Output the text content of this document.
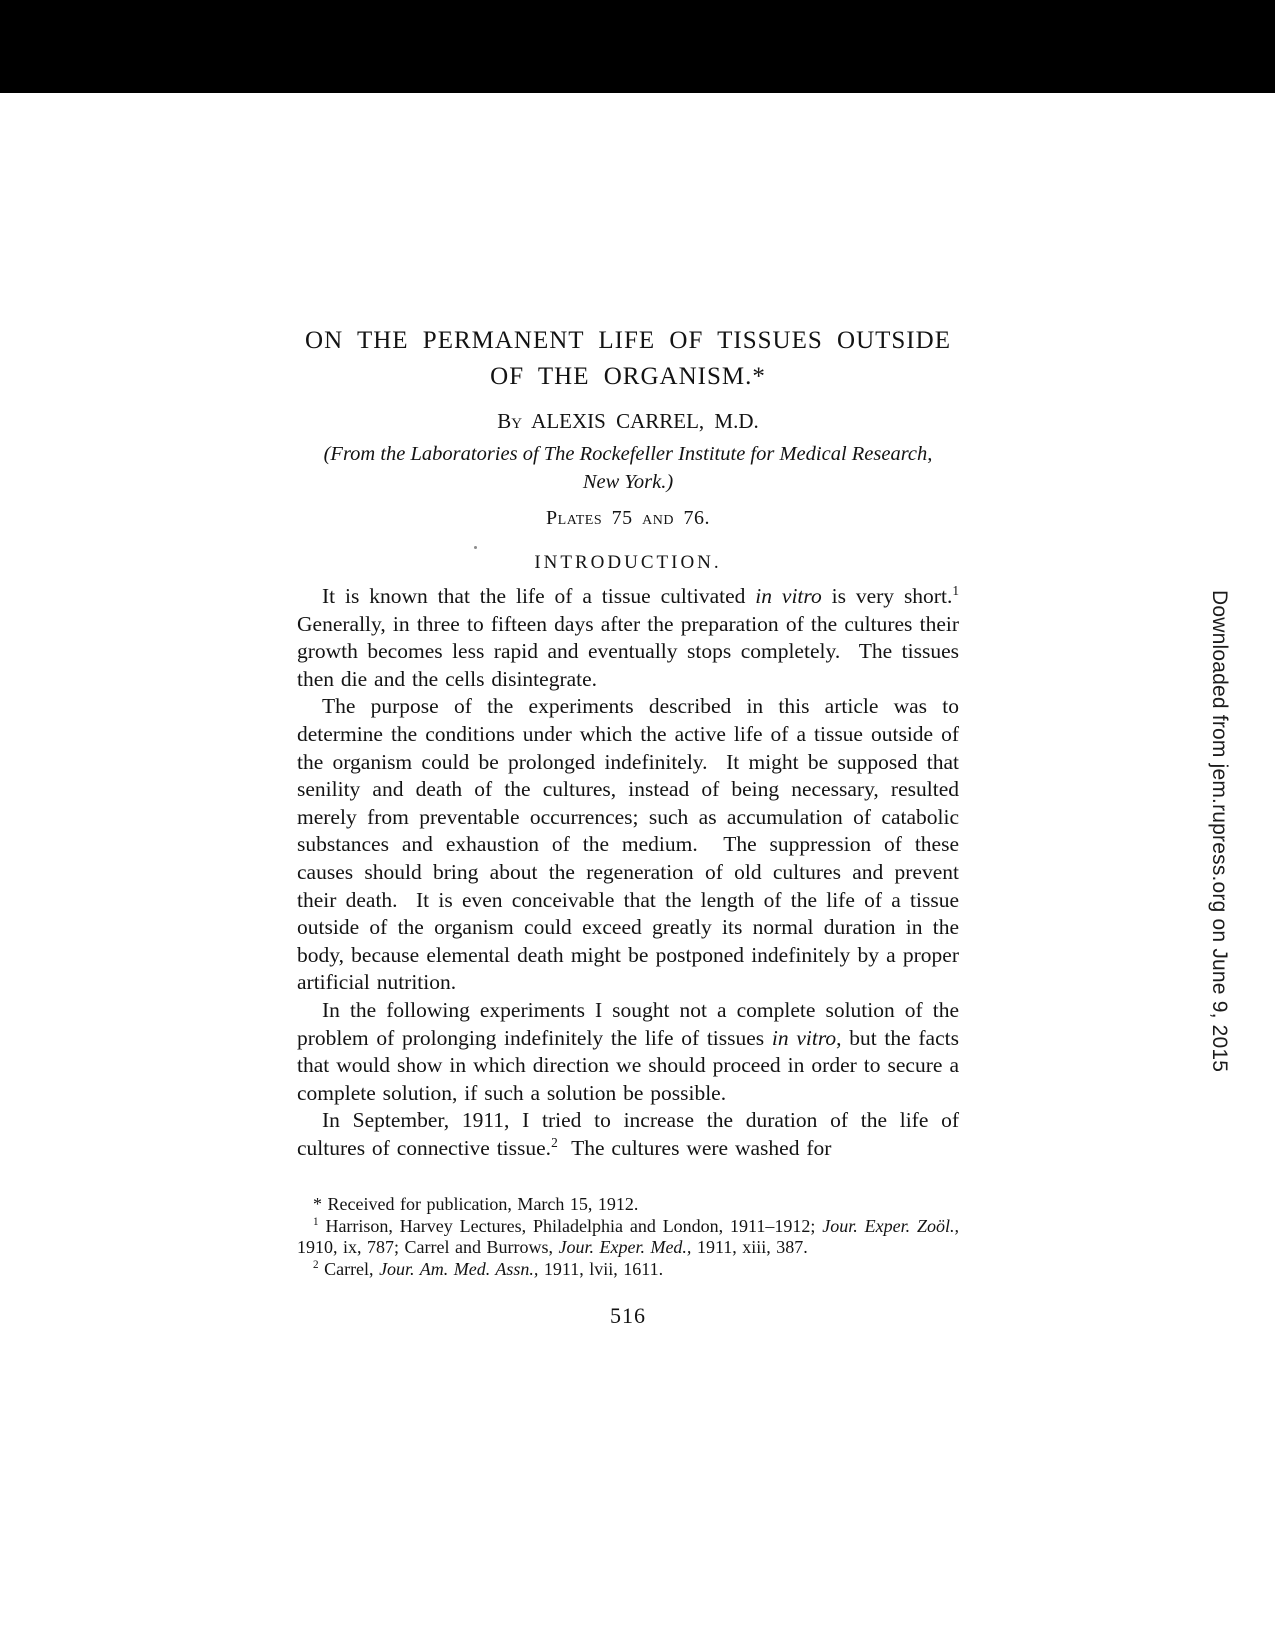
ON THE PERMANENT LIFE OF TISSUES OUTSIDE
OF THE ORGANISM.*
By ALEXIS CARREL, M.D.
(From the Laboratories of The Rockefeller Institute for Medical Research,
New York.)
Plates 75 and 76.
INTRODUCTION.

It is known that the life of a tissue cultivated in vitro is very short.$^1$  Generally, in three to fifteen days after the preparation of the cultures their growth becomes less rapid and eventually stops completely.  The tissues then die and the cells disintegrate.

The purpose of the experiments described in this article was to determine the conditions under which the active life of a tissue outside of the organism could be prolonged indefinitely.  It might be supposed that senility and death of the cultures, instead of being necessary, resulted merely from preventable occurrences; such as accumulation of catabolic substances and exhaustion of the medium.  The suppression of these causes should bring about the regeneration of old cultures and prevent their death.  It is even conceivable that the length of the life of a tissue outside of the organism could exceed greatly its normal duration in the body, because elemental death might be postponed indefinitely by a proper artificial nutrition.

In the following experiments I sought not a complete solution of the problem of prolonging indefinitely the life of tissues in vitro, but the facts that would show in which direction we should proceed in order to secure a complete solution, if such a solution be possible.

In September, 1911, I tried to increase the duration of the life of cultures of connective tissue.$^2$  The cultures were washed for

* Received for publication, March 15, 1912.

$^1$ Harrison, Harvey Lectures, Philadelphia and London, 1911–1912; Jour. Exper. Zoöl., 1910, ix, 787; Carrel and Burrows, Jour. Exper. Med., 1911, xiii, 387.

$^2$ Carrel, Jour. Am. Med. Assn., 1911, lvii, 1611.

516
Downloaded from jem.rupress.org on June 9, 2015
